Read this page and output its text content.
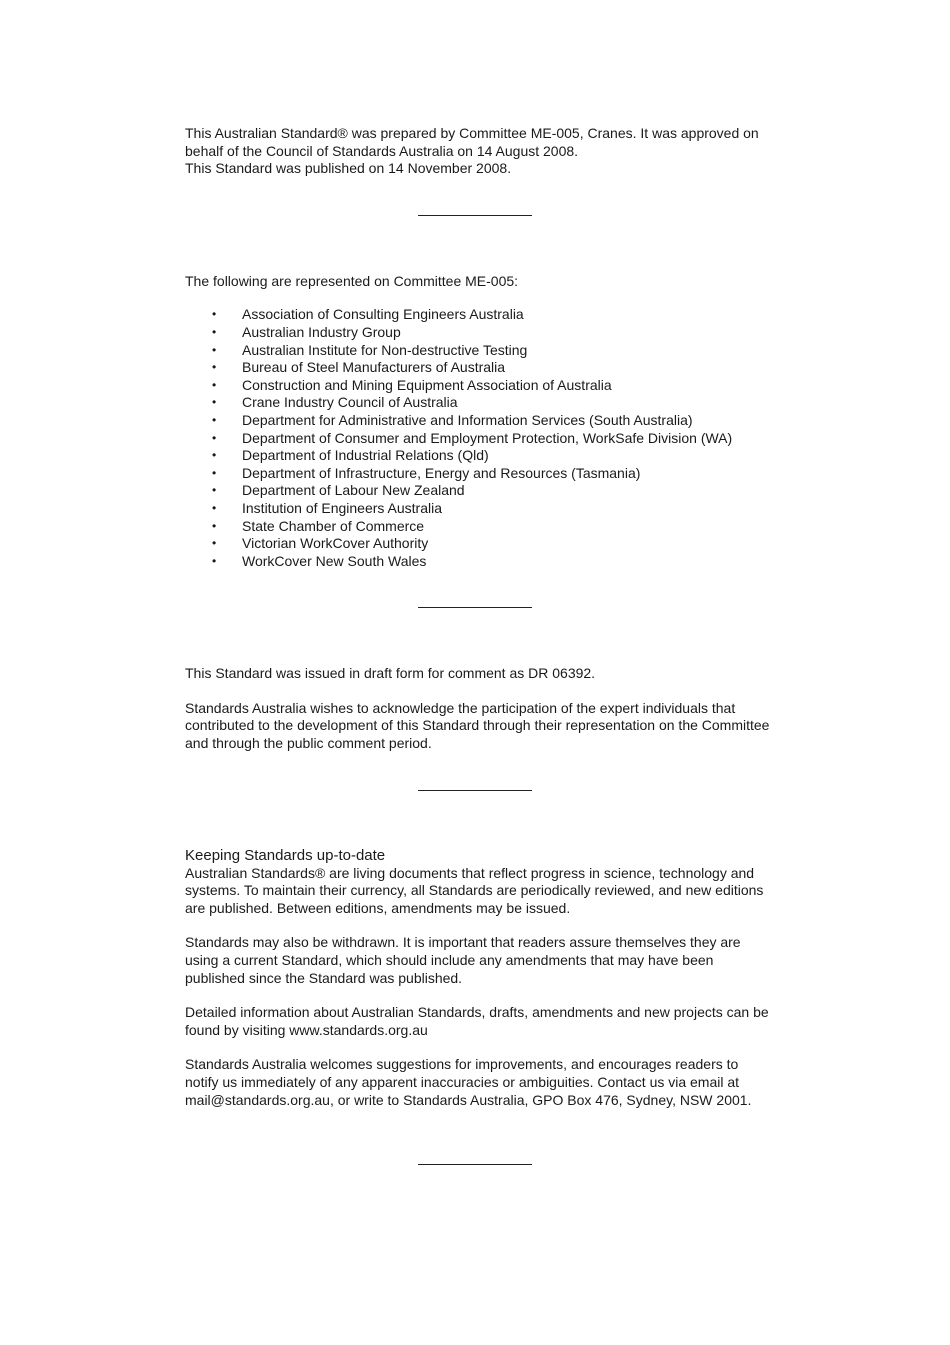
This Australian Standard® was prepared by Committee ME-005, Cranes. It was approved on behalf of the Council of Standards Australia on 14 August 2008.

This Standard was published on 14 November 2008.

The following are represented on Committee ME-005:

• Association of Consulting Engineers Australia
• Australian Industry Group
• Australian Institute for Non-destructive Testing
• Bureau of Steel Manufacturers of Australia
• Construction and Mining Equipment Association of Australia
• Crane Industry Council of Australia
• Department for Administrative and Information Services (South Australia)
• Department of Consumer and Employment Protection, WorkSafe Division (WA)
• Department of Industrial Relations (Qld)
• Department of Infrastructure, Energy and Resources (Tasmania)
• Department of Labour New Zealand
• Institution of Engineers Australia
• State Chamber of Commerce
• Victorian WorkCover Authority
• WorkCover New South Wales

This Standard was issued in draft form for comment as DR 06392.

Standards Australia wishes to acknowledge the participation of the expert individuals that contributed to the development of this Standard through their representation on the Committee and through the public comment period.

Keeping Standards up-to-date

Australian Standards® are living documents that reflect progress in science, technology and systems. To maintain their currency, all Standards are periodically reviewed, and new editions are published. Between editions, amendments may be issued.

Standards may also be withdrawn. It is important that readers assure themselves they are using a current Standard, which should include any amendments that may have been published since the Standard was published.

Detailed information about Australian Standards, drafts, amendments and new projects can be found by visiting www.standards.org.au

Standards Australia welcomes suggestions for improvements, and encourages readers to notify us immediately of any apparent inaccuracies or ambiguities. Contact us via email at mail@standards.org.au, or write to Standards Australia, GPO Box 476, Sydney, NSW 2001.
